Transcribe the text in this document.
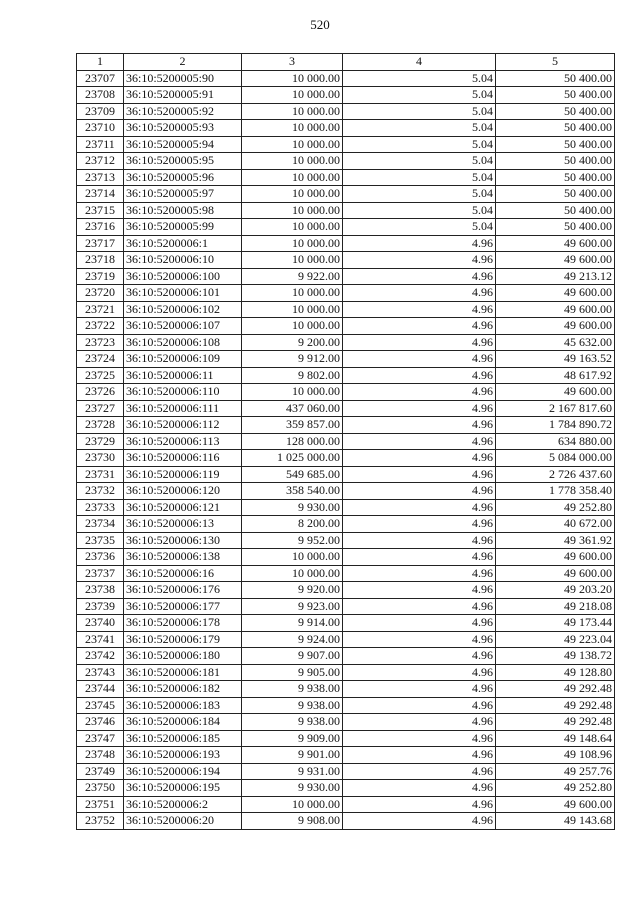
520
1	2	3	4	5
23707	36:10:5200005:90	10 000.00	5.04	50 400.00
23708	36:10:5200005:91	10 000.00	5.04	50 400.00
23709	36:10:5200005:92	10 000.00	5.04	50 400.00
23710	36:10:5200005:93	10 000.00	5.04	50 400.00
23711	36:10:5200005:94	10 000.00	5.04	50 400.00
23712	36:10:5200005:95	10 000.00	5.04	50 400.00
23713	36:10:5200005:96	10 000.00	5.04	50 400.00
23714	36:10:5200005:97	10 000.00	5.04	50 400.00
23715	36:10:5200005:98	10 000.00	5.04	50 400.00
23716	36:10:5200005:99	10 000.00	5.04	50 400.00
23717	36:10:5200006:1	10 000.00	4.96	49 600.00
23718	36:10:5200006:10	10 000.00	4.96	49 600.00
23719	36:10:5200006:100	9 922.00	4.96	49 213.12
23720	36:10:5200006:101	10 000.00	4.96	49 600.00
23721	36:10:5200006:102	10 000.00	4.96	49 600.00
23722	36:10:5200006:107	10 000.00	4.96	49 600.00
23723	36:10:5200006:108	9 200.00	4.96	45 632.00
23724	36:10:5200006:109	9 912.00	4.96	49 163.52
23725	36:10:5200006:11	9 802.00	4.96	48 617.92
23726	36:10:5200006:110	10 000.00	4.96	49 600.00
23727	36:10:5200006:111	437 060.00	4.96	2 167 817.60
23728	36:10:5200006:112	359 857.00	4.96	1 784 890.72
23729	36:10:5200006:113	128 000.00	4.96	634 880.00
23730	36:10:5200006:116	1 025 000.00	4.96	5 084 000.00
23731	36:10:5200006:119	549 685.00	4.96	2 726 437.60
23732	36:10:5200006:120	358 540.00	4.96	1 778 358.40
23733	36:10:5200006:121	9 930.00	4.96	49 252.80
23734	36:10:5200006:13	8 200.00	4.96	40 672.00
23735	36:10:5200006:130	9 952.00	4.96	49 361.92
23736	36:10:5200006:138	10 000.00	4.96	49 600.00
23737	36:10:5200006:16	10 000.00	4.96	49 600.00
23738	36:10:5200006:176	9 920.00	4.96	49 203.20
23739	36:10:5200006:177	9 923.00	4.96	49 218.08
23740	36:10:5200006:178	9 914.00	4.96	49 173.44
23741	36:10:5200006:179	9 924.00	4.96	49 223.04
23742	36:10:5200006:180	9 907.00	4.96	49 138.72
23743	36:10:5200006:181	9 905.00	4.96	49 128.80
23744	36:10:5200006:182	9 938.00	4.96	49 292.48
23745	36:10:5200006:183	9 938.00	4.96	49 292.48
23746	36:10:5200006:184	9 938.00	4.96	49 292.48
23747	36:10:5200006:185	9 909.00	4.96	49 148.64
23748	36:10:5200006:193	9 901.00	4.96	49 108.96
23749	36:10:5200006:194	9 931.00	4.96	49 257.76
23750	36:10:5200006:195	9 930.00	4.96	49 252.80
23751	36:10:5200006:2	10 000.00	4.96	49 600.00
23752	36:10:5200006:20	9 908.00	4.96	49 143.68
